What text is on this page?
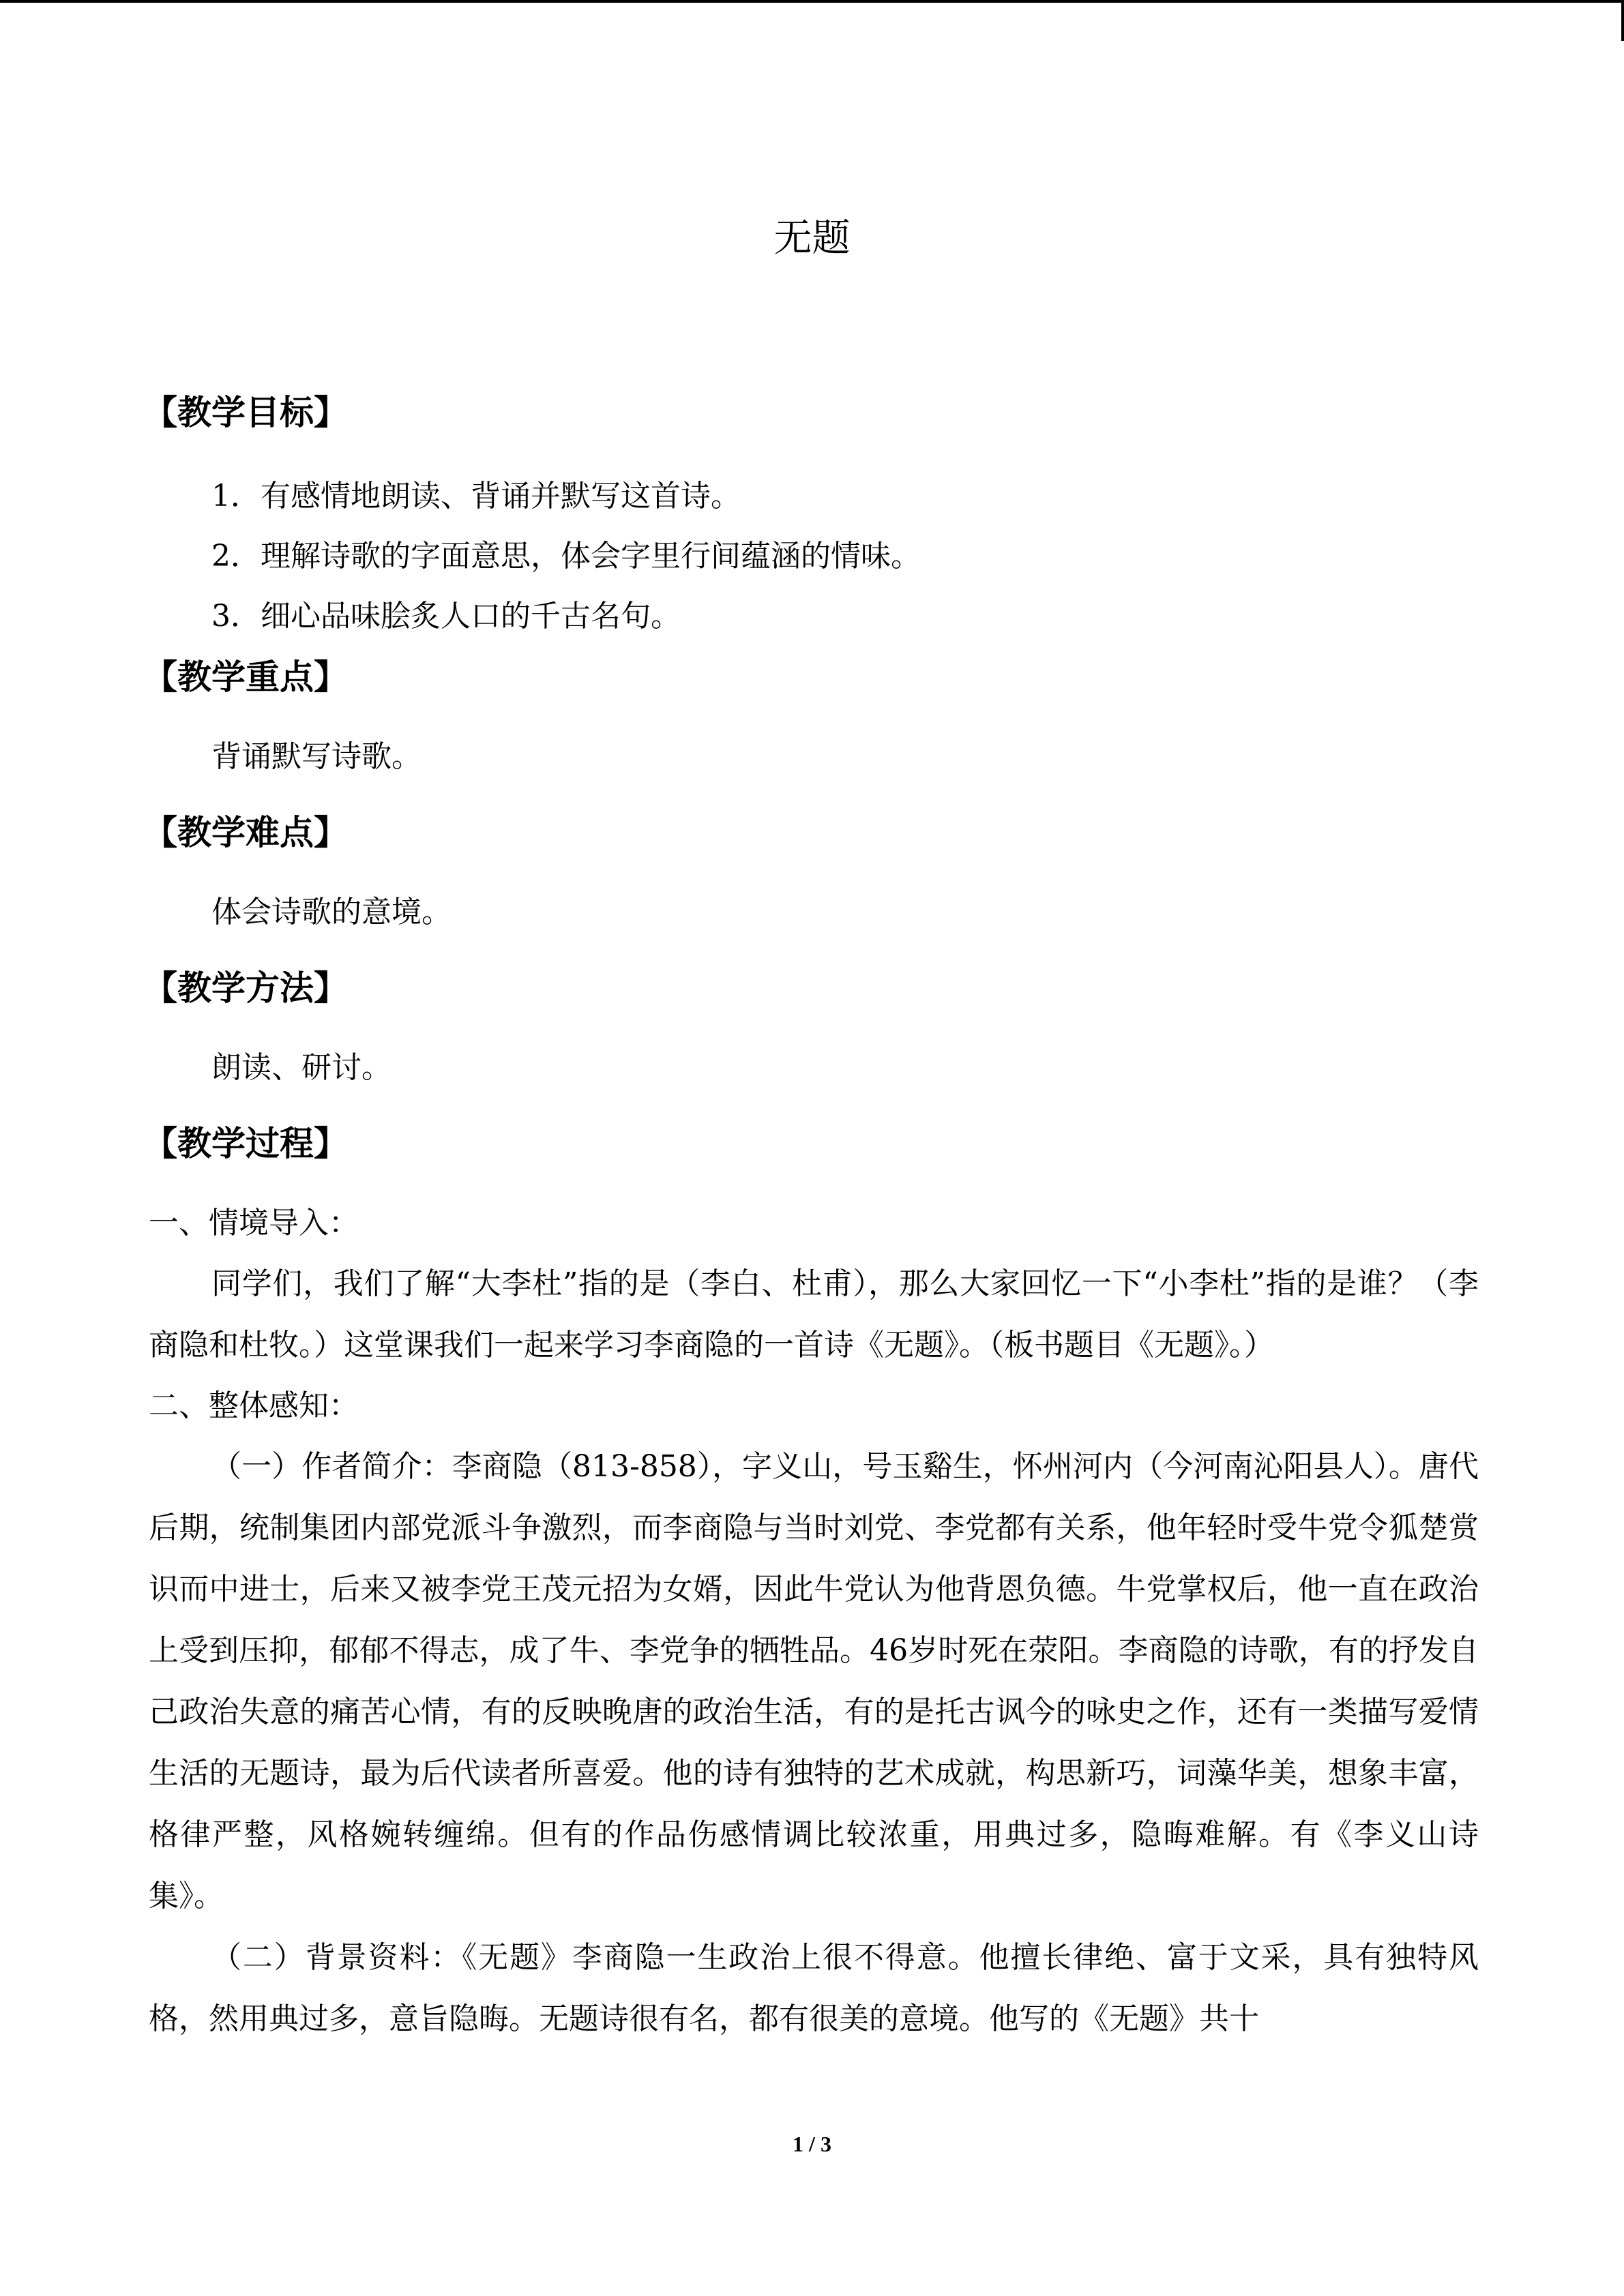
无题
【教学目标】
1．有感情地朗读、背诵并默写这首诗。
2．理解诗歌的字面意思，体会字里行间蕴涵的情味。
3．细心品味脍炙人口的千古名句。
【教学重点】
背诵默写诗歌。
【教学难点】
体会诗歌的意境。
【教学方法】
朗读、研讨。
【教学过程】
一、情境导入：
同学们，我们了解“大李杜”指的是（李白、杜甫），那么大家回忆一下“小李杜”指的是谁？（李商隐和杜牧。）这堂课我们一起来学习李商隐的一首诗《无题》。（板书题目《无题》。）
二、整体感知：
（一）作者简介：李商隐（813-858），字义山，号玉谿生，怀州河内（今河南沁阳县人）。唐代后期，统制集团内部党派斗争激烈，而李商隐与当时刘党、李党都有关系，他年轻时受牛党令狐楚赏识而中进士，后来又被李党王茂元招为女婿，因此牛党认为他背恩负德。牛党掌权后，他一直在政治上受到压抑，郁郁不得志，成了牛、李党争的牺牲品。46岁时死在荥阳。李商隐的诗歌，有的抒发自己政治失意的痛苦心情，有的反映晚唐的政治生活，有的是托古讽今的咏史之作，还有一类描写爱情生活的无题诗，最为后代读者所喜爱。他的诗有独特的艺术成就，构思新巧，词藻华美，想象丰富，格律严整，风格婉转缠绵。但有的作品伤感情调比较浓重，用典过多，隐晦难解。有《李义山诗集》。
（二）背景资料：《无题》李商隐一生政治上很不得意。他擅长律绝、富于文采，具有独特风格，然用典过多，意旨隐晦。无题诗很有名，都有很美的意境。他写的《无题》共十
1 / 3
